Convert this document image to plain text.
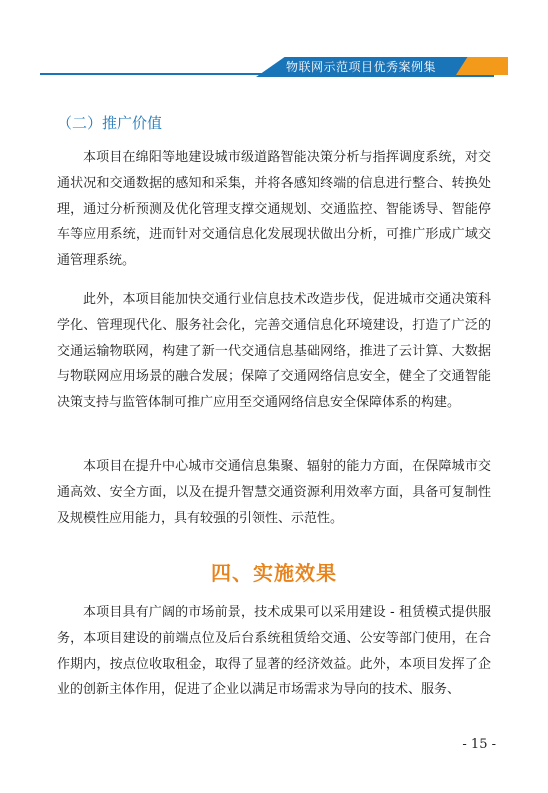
物联网示范项目优秀案例集
（二）推广价值

本项目在绵阳等地建设城市级道路智能决策分析与指挥调度系统，对交通状况和交通数据的感知和采集，并将各感知终端的信息进行整合、转换处理，通过分析预测及优化管理支撑交通规划、交通监控、智能诱导、智能停车等应用系统，进而针对交通信息化发展现状做出分析，可推广形成广域交通管理系统。

此外，本项目能加快交通行业信息技术改造步伐，促进城市交通决策科学化、管理现代化、服务社会化，完善交通信息化环境建设，打造了广泛的交通运输物联网，构建了新一代交通信息基础网络，推进了云计算、大数据与物联网应用场景的融合发展；保障了交通网络信息安全，健全了交通智能决策支持与监管体制可推广应用至交通网络信息安全保障体系的构建。

本项目在提升中心城市交通信息集聚、辐射的能力方面，在保障城市交通高效、安全方面，以及在提升智慧交通资源利用效率方面，具备可复制性及规模性应用能力，具有较强的引领性、示范性。

四、实施效果

本项目具有广阔的市场前景，技术成果可以采用建设 - 租赁模式提供服务，本项目建设的前端点位及后台系统租赁给交通、公安等部门使用，在合作期内，按点位收取租金，取得了显著的经济效益。此外，本项目发挥了企业的创新主体作用，促进了企业以满足市场需求为导向的技术、服务、

- 15 -
